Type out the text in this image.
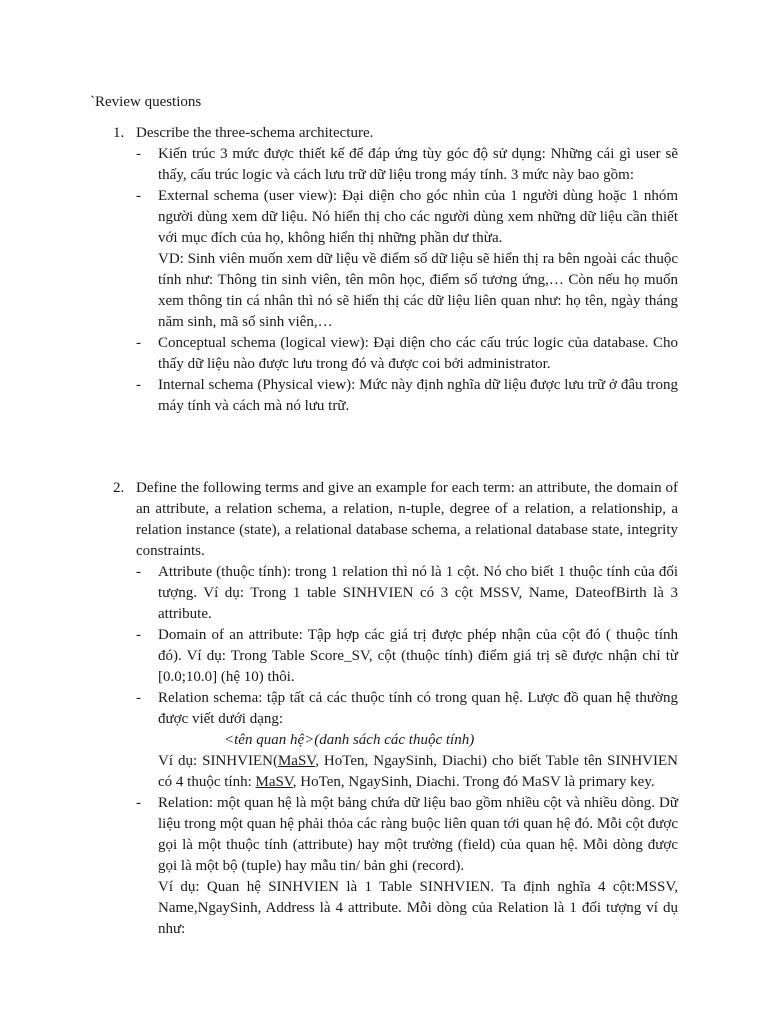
`Review questions
1. Describe the three-schema architecture.

- Kiến trúc 3 mức được thiết kế để đáp ứng tùy góc độ sử dụng: Những cái gì user sẽ thấy, cấu trúc logic và cách lưu trữ dữ liệu trong máy tính. 3 mức này bao gồm:

- External schema (user view): Đại diện cho góc nhìn của 1 người dùng hoặc 1 nhóm người dùng xem dữ liệu. Nó hiển thị cho các người dùng xem những dữ liệu cần thiết với mục đích của họ, không hiển thị những phần dư thừa.

VD: Sinh viên muốn xem dữ liệu về điểm số dữ liệu sẽ hiển thị ra bên ngoài các thuộc tính như: Thông tin sinh viên, tên môn học, điểm số tương ứng,… Còn nếu họ muốn xem thông tin cá nhân thì nó sẽ hiển thị các dữ liệu liên quan như: họ tên, ngày tháng năm sinh, mã số sinh viên,…

- Conceptual schema (logical view): Đại diện cho các cấu trúc logic của database. Cho thấy dữ liệu nào được lưu trong đó và được coi bởi administrator.

- Internal schema (Physical view): Mức này định nghĩa dữ liệu được lưu trữ ở đâu trong máy tính và cách mà nó lưu trữ.

2. Define the following terms and give an example for each term: an attribute, the domain of an attribute, a relation schema, a relation, n-tuple, degree of a relation, a relationship, a relation instance (state), a relational database schema, a relational database state, integrity constraints.

- Attribute (thuộc tính): trong 1 relation thì nó là 1 cột. Nó cho biết 1 thuộc tính của đối tượng. Ví dụ: Trong 1 table SINHVIEN có 3 cột MSSV, Name, DateofBirth là 3 attribute.

- Domain of an attribute: Tập hợp các giá trị được phép nhận của cột đó ( thuộc tính đó). Ví dụ: Trong Table Score_SV, cột (thuộc tính) điểm giá trị sẽ được nhận chỉ từ [0.0;10.0] (hệ 10) thôi.

- Relation schema: tập tất cả các thuộc tính có trong quan hệ. Lược đồ quan hệ thường được viết dưới dạng:

<tên quan hệ>(danh sách các thuộc tính)

Ví dụ: SINHVIEN(MaSV, HoTen, NgaySinh, Diachi) cho biết Table tên SINHVIEN có 4 thuộc tính: MaSV, HoTen, NgaySinh, Diachi. Trong đó MaSV là primary key.

- Relation: một quan hệ là một bảng chứa dữ liệu bao gồm nhiều cột và nhiều dòng. Dữ liệu trong một quan hệ phải thỏa các ràng buộc liên quan tới quan hệ đó. Mỗi cột được gọi là một thuộc tính (attribute) hay một trường (field) của quan hệ. Mỗi dòng được gọi là một bộ (tuple) hay mẫu tin/ bản ghi (record).

Ví dụ: Quan hệ SINHVIEN là 1 Table SINHVIEN. Ta định nghĩa 4 cột:MSSV, Name,NgaySinh, Address là 4 attribute. Mỗi dòng của Relation là 1 đối tượng ví dụ như:
